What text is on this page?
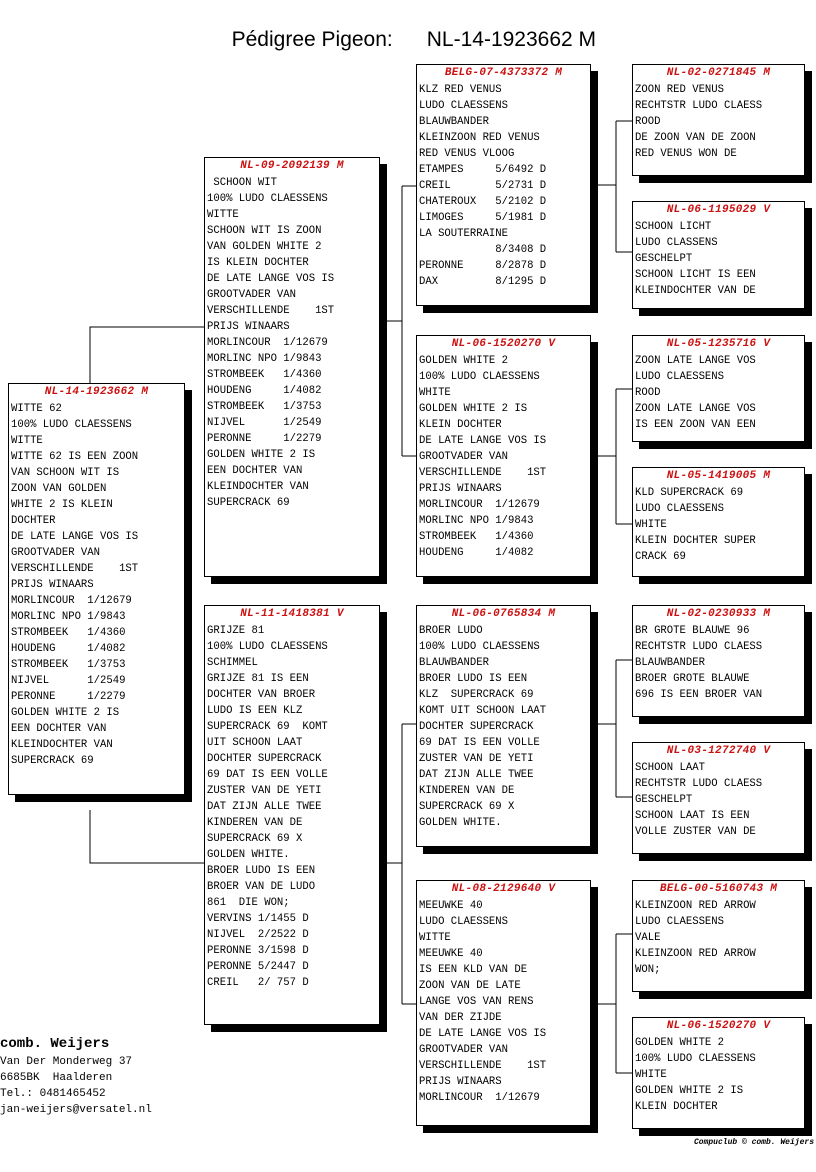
Pédigree Pigeon: NL-14-1923662 M

NL-14-1923662 M
WITTE 62
100% LUDO CLAESSENS
WITTE
WITTE 62 IS EEN ZOON
VAN SCHOON WIT IS
ZOON VAN GOLDEN
WHITE 2 IS KLEIN
DOCHTER
DE LATE LANGE VOS IS
GROOTVADER VAN
VERSCHILLENDE    1ST
PRIJS WINAARS
MORLINCOUR  1/12679
MORLINC NPO 1/9843
STROMBEEK   1/4360
HOUDENG     1/4082
STROMBEEK   1/3753
NIJVEL      1/2549
PERONNE     1/2279
GOLDEN WHITE 2 IS
EEN DOCHTER VAN
KLEINDOCHTER VAN
SUPERCRACK 69
NL-09-2092139 M
SCHOON WIT
100% LUDO CLAESSENS
WITTE
SCHOON WIT IS ZOON
VAN GOLDEN WHITE 2
IS KLEIN DOCHTER
DE LATE LANGE VOS IS
GROOTVADER VAN
VERSCHILLENDE    1ST
PRIJS WINAARS
MORLINCOUR  1/12679
MORLINC NPO 1/9843
STROMBEEK   1/4360
HOUDENG     1/4082
STROMBEEK   1/3753
NIJVEL      1/2549
PERONNE     1/2279
GOLDEN WHITE 2 IS
EEN DOCHTER VAN
KLEINDOCHTER VAN
SUPERCRACK 69
NL-11-1418381 V
GRIJZE 81
100% LUDO CLAESSENS
SCHIMMEL
GRIJZE 81 IS EEN
DOCHTER VAN BROER
LUDO IS EEN KLZ
SUPERCRACK 69  KOMT
UIT SCHOON LAAT
DOCHTER SUPERCRACK
69 DAT IS EEN VOLLE
ZUSTER VAN DE YETI
DAT ZIJN ALLE TWEE
KINDEREN VAN DE
SUPERCRACK 69 X
GOLDEN WHITE.
BROER LUDO IS EEN
BROER VAN DE LUDO
861  DIE WON;
VERVINS 1/1455 D
NIJVEL  2/2522 D
PERONNE 3/1598 D
PERONNE 5/2447 D
CREIL   2/ 757 D
BELG-07-4373372 M
KLZ RED VENUS
LUDO CLAESSENS
BLAUWBANDER
KLEINZOON RED VENUS
RED VENUS VLOOG
ETAMPES     5/6492 D
CREIL       5/2731 D
CHATEROUX   5/2102 D
LIMOGES     5/1981 D
LA SOUTERRAINE
8/3408 D
PERONNE     8/2878 D
DAX         8/1295 D
NL-06-1520270 V
GOLDEN WHITE 2
100% LUDO CLAESSENS
WHITE
GOLDEN WHITE 2 IS
KLEIN DOCHTER
DE LATE LANGE VOS IS
GROOTVADER VAN
VERSCHILLENDE    1ST
PRIJS WINAARS
MORLINCOUR  1/12679
MORLINC NPO 1/9843
STROMBEEK   1/4360
HOUDENG     1/4082
NL-06-0765834 M
BROER LUDO
100% LUDO CLAESSENS
BLAUWBANDER
BROER LUDO IS EEN
KLZ  SUPERCRACK 69
KOMT UIT SCHOON LAAT
DOCHTER SUPERCRACK
69 DAT IS EEN VOLLE
ZUSTER VAN DE YETI
DAT ZIJN ALLE TWEE
KINDEREN VAN DE
SUPERCRACK 69 X
GOLDEN WHITE.
NL-08-2129640 V
MEEUWKE 40
LUDO CLAESSENS
WITTE
MEEUWKE 40
IS EEN KLD VAN DE
ZOON VAN DE LATE
LANGE VOS VAN RENS
VAN DER ZIJDE
DE LATE LANGE VOS IS
GROOTVADER VAN
VERSCHILLENDE    1ST
PRIJS WINAARS
MORLINCOUR  1/12679
NL-02-0271845 M
ZOON RED VENUS
RECHTSTR LUDO CLAESS
ROOD
DE ZOON VAN DE ZOON
RED VENUS WON DE
NL-06-1195029 V
SCHOON LICHT
LUDO CLASSENS
GESCHELPT
SCHOON LICHT IS EEN
KLEINDOCHTER VAN DE
NL-05-1235716 V
ZOON LATE LANGE VOS
LUDO CLAESSENS
ROOD
ZOON LATE LANGE VOS
IS EEN ZOON VAN EEN
NL-05-1419005 M
KLD SUPERCRACK 69
LUDO CLAESSENS
WHITE
KLEIN DOCHTER SUPER
CRACK 69
NL-02-0230933 M
BR GROTE BLAUWE 96
RECHTSTR LUDO CLAESS
BLAUWBANDER
BROER GROTE BLAUWE
696 IS EEN BROER VAN
NL-03-1272740 V
SCHOON LAAT
RECHTSTR LUDO CLAESS
GESCHELPT
SCHOON LAAT IS EEN
VOLLE ZUSTER VAN DE
BELG-00-5160743 M
KLEINZOON RED ARROW
LUDO CLAESSENS
VALE
KLEINZOON RED ARROW
WON;
NL-06-1520270 V
GOLDEN WHITE 2
100% LUDO CLAESSENS
WHITE
GOLDEN WHITE 2 IS
KLEIN DOCHTER
comb. Weijers
Van Der Monderweg 37
6685BK  Haalderen
Tel.: 0481465452
jan-weijers@versatel.nl
Compuclub © comb. Weijers
